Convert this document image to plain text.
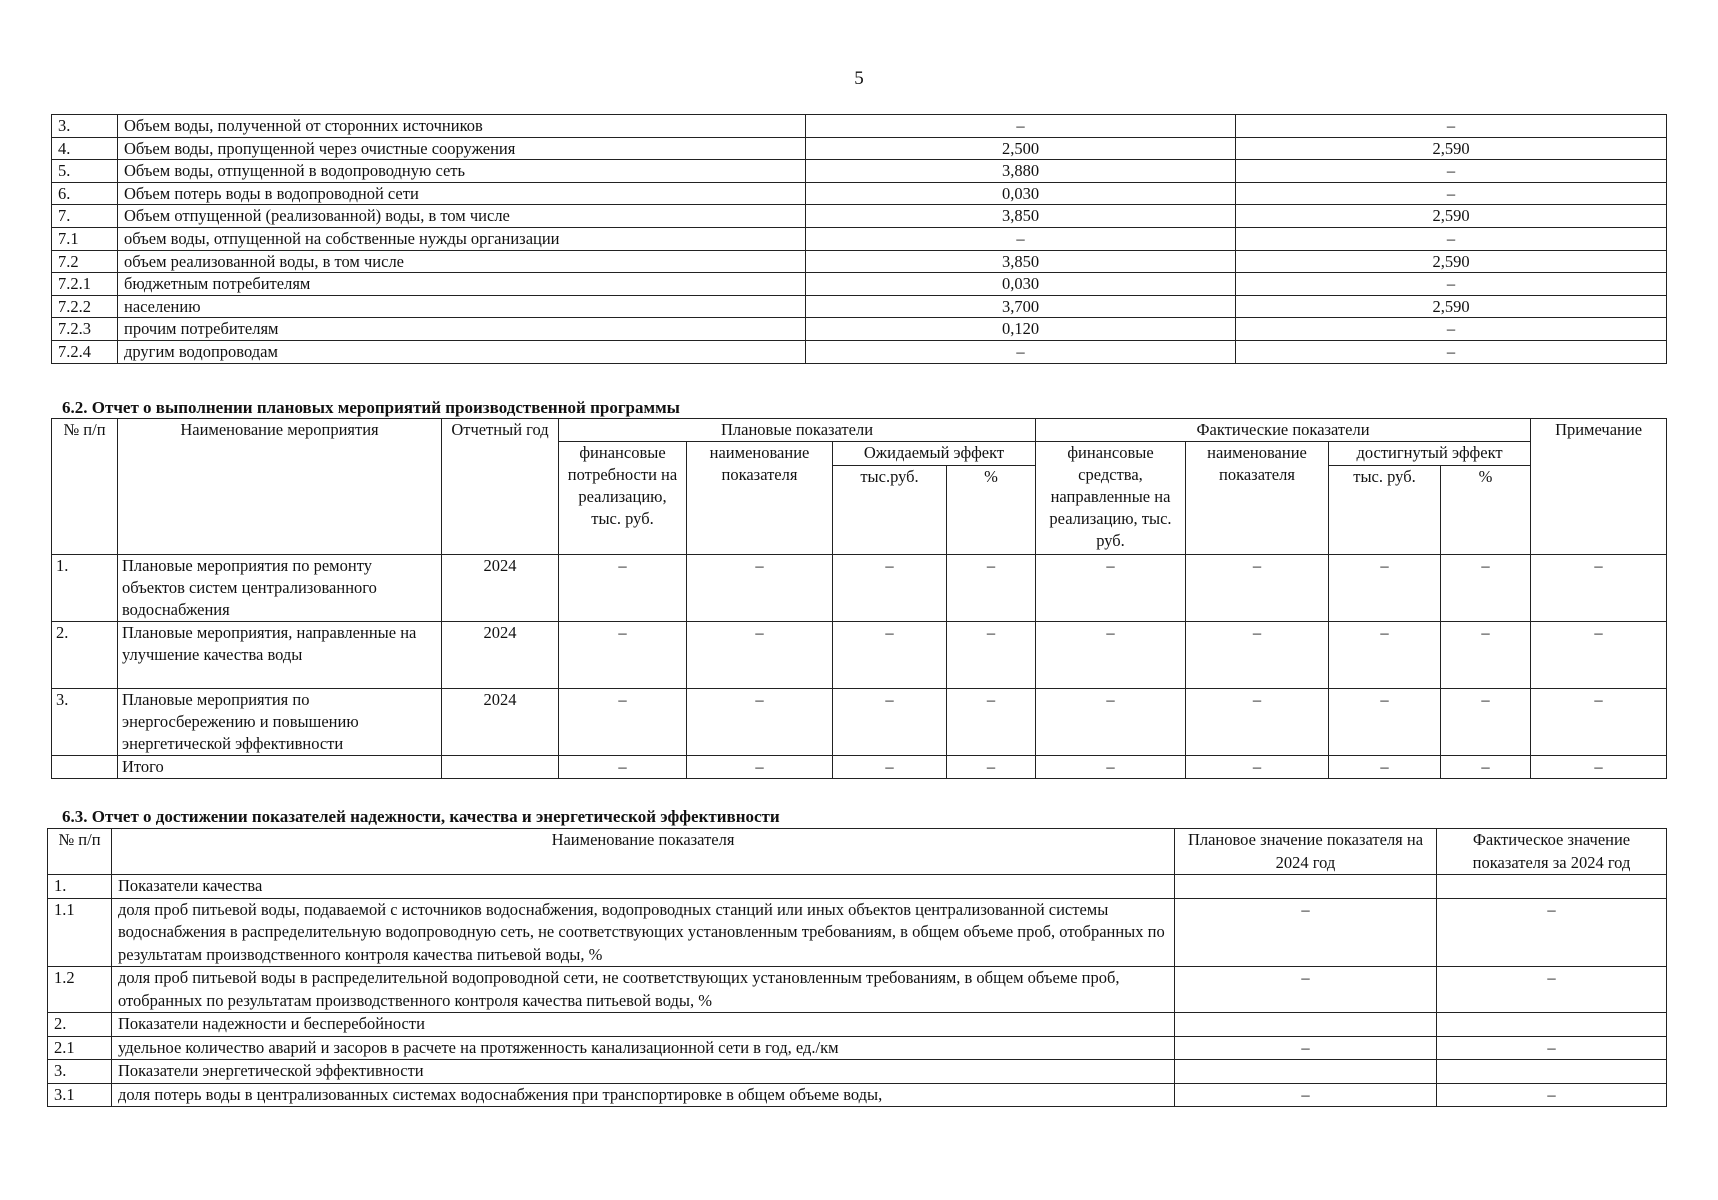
5
3.	Объем воды, полученной от сторонних источников	–	–
4.	Объем воды, пропущенной через очистные сооружения	2,500	2,590
5.	Объем воды, отпущенной в водопроводную сеть	3,880	–
6.	Объем потерь воды в водопроводной сети	0,030	–
7.	Объем отпущенной (реализованной) воды, в том числе	3,850	2,590
7.1	объем воды, отпущенной на собственные нужды организации	–	–
7.2	объем реализованной воды, в том числе	3,850	2,590
7.2.1	бюджетным потребителям	0,030	–
7.2.2	населению	3,700	2,590
7.2.3	прочим потребителям	0,120	–
7.2.4	другим водопроводам	–	–
6.2. Отчет о выполнении плановых мероприятий производственной программы
№ п/п	Наименование мероприятия	Отчетный год	Плановые показатели				Фактические показатели				Примечание
			финансовые потребности на реализацию, тыс. руб.	наименование показателя	Ожидаемый эффект		финансовые средства, направленные на реализацию, тыс. руб.	наименование показателя	достигнутый эффект		
					тыс.руб.	%			тыс. руб.	%	
1.	Плановые мероприятия по ремонту объектов систем централизованного водоснабжения	2024	–	–	–	–	–	–	–	–	–
2.	Плановые мероприятия, направленные на улучшение качества воды	2024	–	–	–	–	–	–	–	–	–
3.	Плановые мероприятия по энергосбережению и повышению энергетической эффективности	2024	–	–	–	–	–	–	–	–	–
	Итого		–	–	–	–	–	–	–	–	–
6.3. Отчет о достижении показателей надежности, качества и энергетической эффективности
№ п/п	Наименование показателя	Плановое значение показателя на 2024 год	Фактическое значение показателя за 2024 год
1.	Показатели качества		
1.1	доля проб питьевой воды, подаваемой с источников водоснабжения, водопроводных станций или иных объектов централизованной системы водоснабжения в распределительную водопроводную сеть, не соответствующих установленным требованиям, в общем объеме проб, отобранных по результатам производственного контроля качества питьевой воды, %	–	–
1.2	доля проб питьевой воды в распределительной водопроводной сети, не соответствующих установленным требованиям, в общем объеме проб, отобранных по результатам производственного контроля качества питьевой воды, %	–	–
2.	Показатели надежности и бесперебойности		
2.1	удельное количество аварий и засоров в расчете на протяженность канализационной сети в год, ед./км	–	–
3.	Показатели энергетической эффективности		
3.1	доля потерь воды в централизованных системах водоснабжения при транспортировке в общем объеме воды,	–	–
